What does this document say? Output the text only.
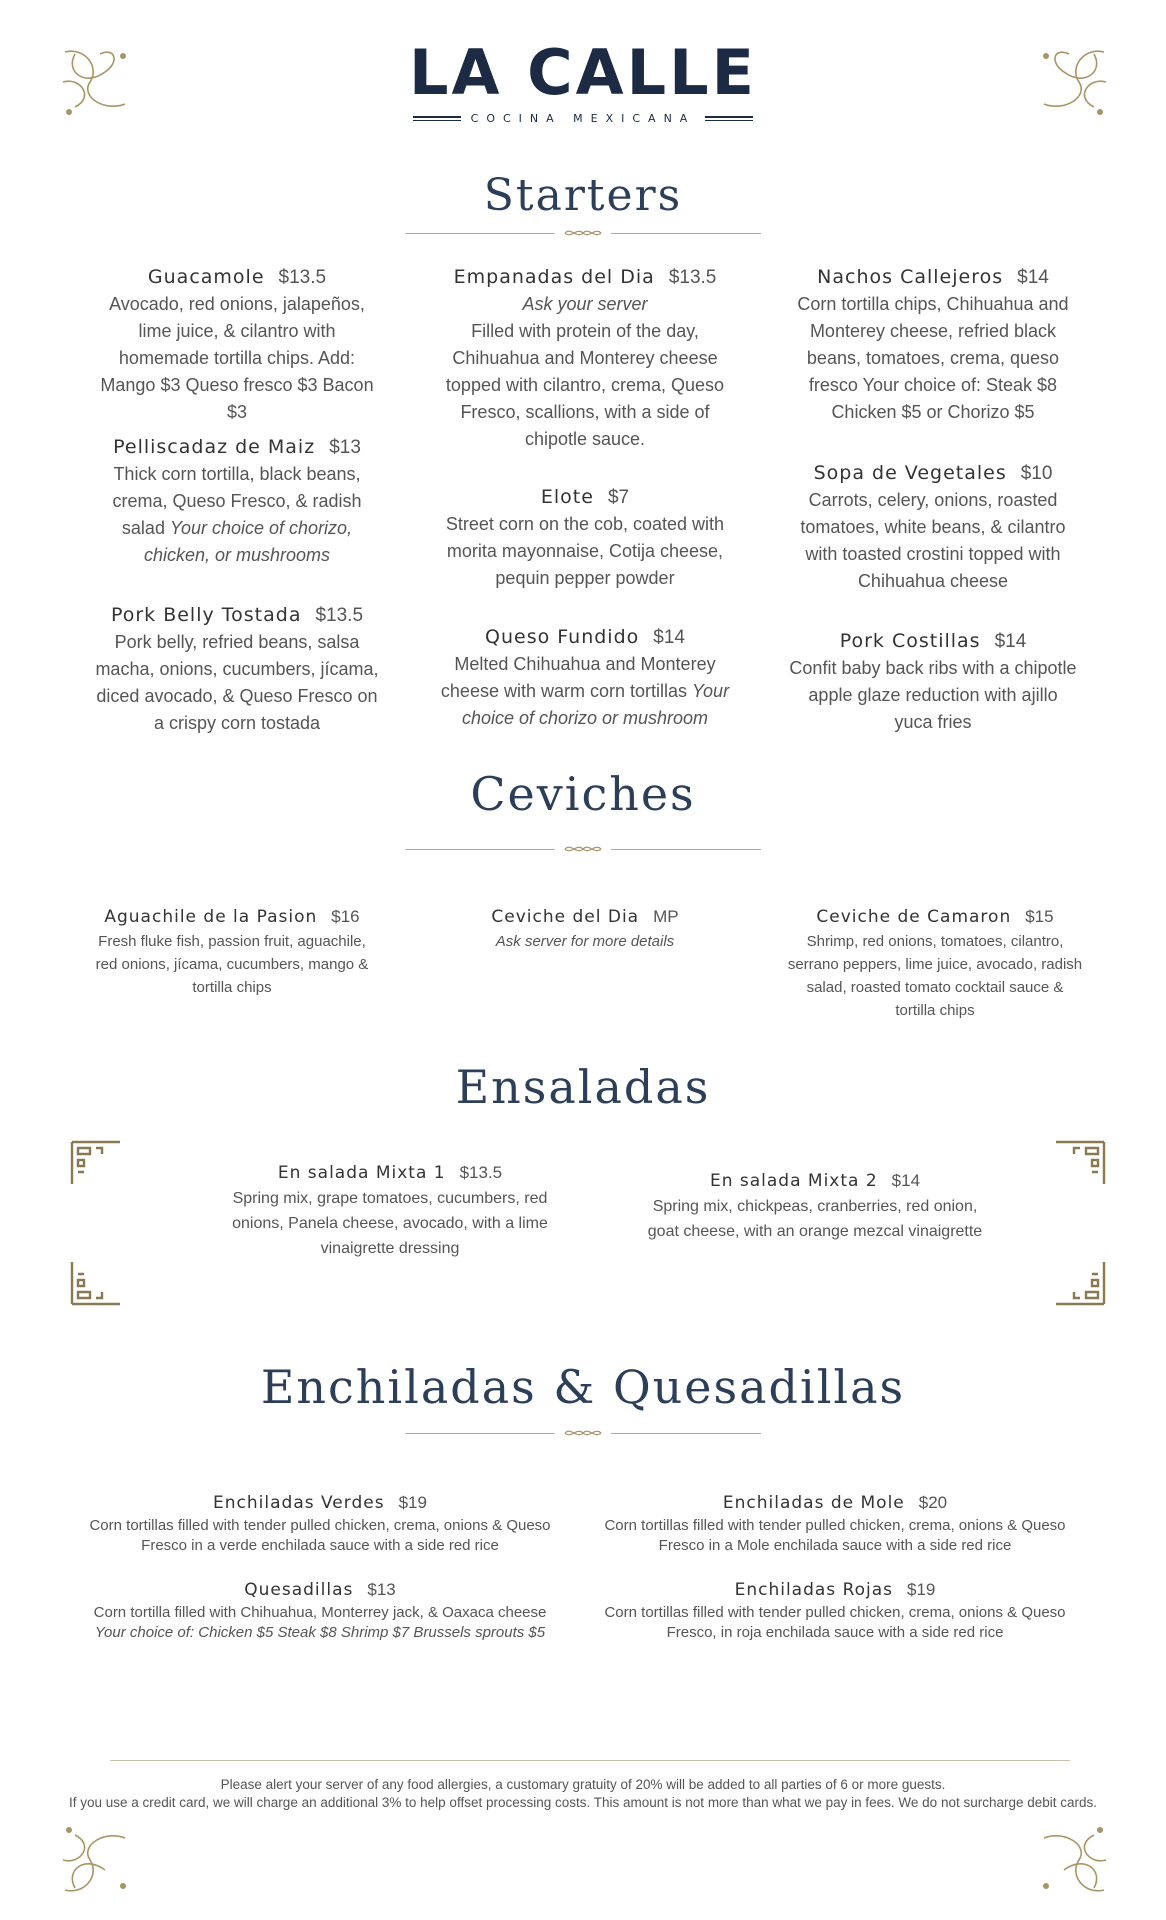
LA CALLE
COCINA MEXICANA
Starters
Guacamole $13.5
Avocado, red onions, jalapeños, lime juice, & cilantro with homemade tortilla chips. Add: Mango $3 Queso fresco $3 Bacon $3
Pelliscadaz de Maiz $13
Thick corn tortilla, black beans, crema, Queso Fresco, & radish salad Your choice of chorizo, chicken, or mushrooms
Pork Belly Tostada $13.5
Pork belly, refried beans, salsa macha, onions, cucumbers, jícama, diced avocado, & Queso Fresco on a crispy corn tostada
Empanadas del Dia $13.5
Ask your server
Filled with protein of the day, Chihuahua and Monterey cheese topped with cilantro, crema, Queso Fresco, scallions, with a side of chipotle sauce.
Elote $7
Street corn on the cob, coated with morita mayonnaise, Cotija cheese, pequin pepper powder
Queso Fundido $14
Melted Chihuahua and Monterey cheese with warm corn tortillas Your choice of chorizo or mushroom
Nachos Callejeros $14
Corn tortilla chips, Chihuahua and Monterey cheese, refried black beans, tomatoes, crema, queso fresco Your choice of: Steak $8 Chicken $5 or Chorizo $5
Sopa de Vegetales $10
Carrots, celery, onions, roasted tomatoes, white beans, & cilantro with toasted crostini topped with Chihuahua cheese
Pork Costillas $14
Confit baby back ribs with a chipotle apple glaze reduction with ajillo yuca fries
Ceviches
Aguachile de la Pasion $16
Fresh fluke fish, passion fruit, aguachile, red onions, jícama, cucumbers, mango & tortilla chips
Ceviche del Dia MP
Ask server for more details
Ceviche de Camaron $15
Shrimp, red onions, tomatoes, cilantro, serrano peppers, lime juice, avocado, radish salad, roasted tomato cocktail sauce & tortilla chips
Ensaladas
En salada Mixta 1 $13.5
Spring mix, grape tomatoes, cucumbers, red onions, Panela cheese, avocado, with a lime vinaigrette dressing
En salada Mixta 2 $14
Spring mix, chickpeas, cranberries, red onion, goat cheese, with an orange mezcal vinaigrette
Enchiladas & Quesadillas
Enchiladas Verdes $19
Corn tortillas filled with tender pulled chicken, crema, onions & Queso Fresco in a verde enchilada sauce with a side red rice
Quesadillas $13
Corn tortilla filled with Chihuahua, Monterrey jack, & Oaxaca cheese
Your choice of: Chicken $5 Steak $8 Shrimp $7 Brussels sprouts $5
Enchiladas de Mole $20
Corn tortillas filled with tender pulled chicken, crema, onions & Queso Fresco in a Mole enchilada sauce with a side red rice
Enchiladas Rojas $19
Corn tortillas filled with tender pulled chicken, crema, onions & Queso Fresco, in roja enchilada sauce with a side red rice
Please alert your server of any food allergies, a customary gratuity of 20% will be added to all parties of 6 or more guests.
If you use a credit card, we will charge an additional 3% to help offset processing costs. This amount is not more than what we pay in fees. We do not surcharge debit cards.
